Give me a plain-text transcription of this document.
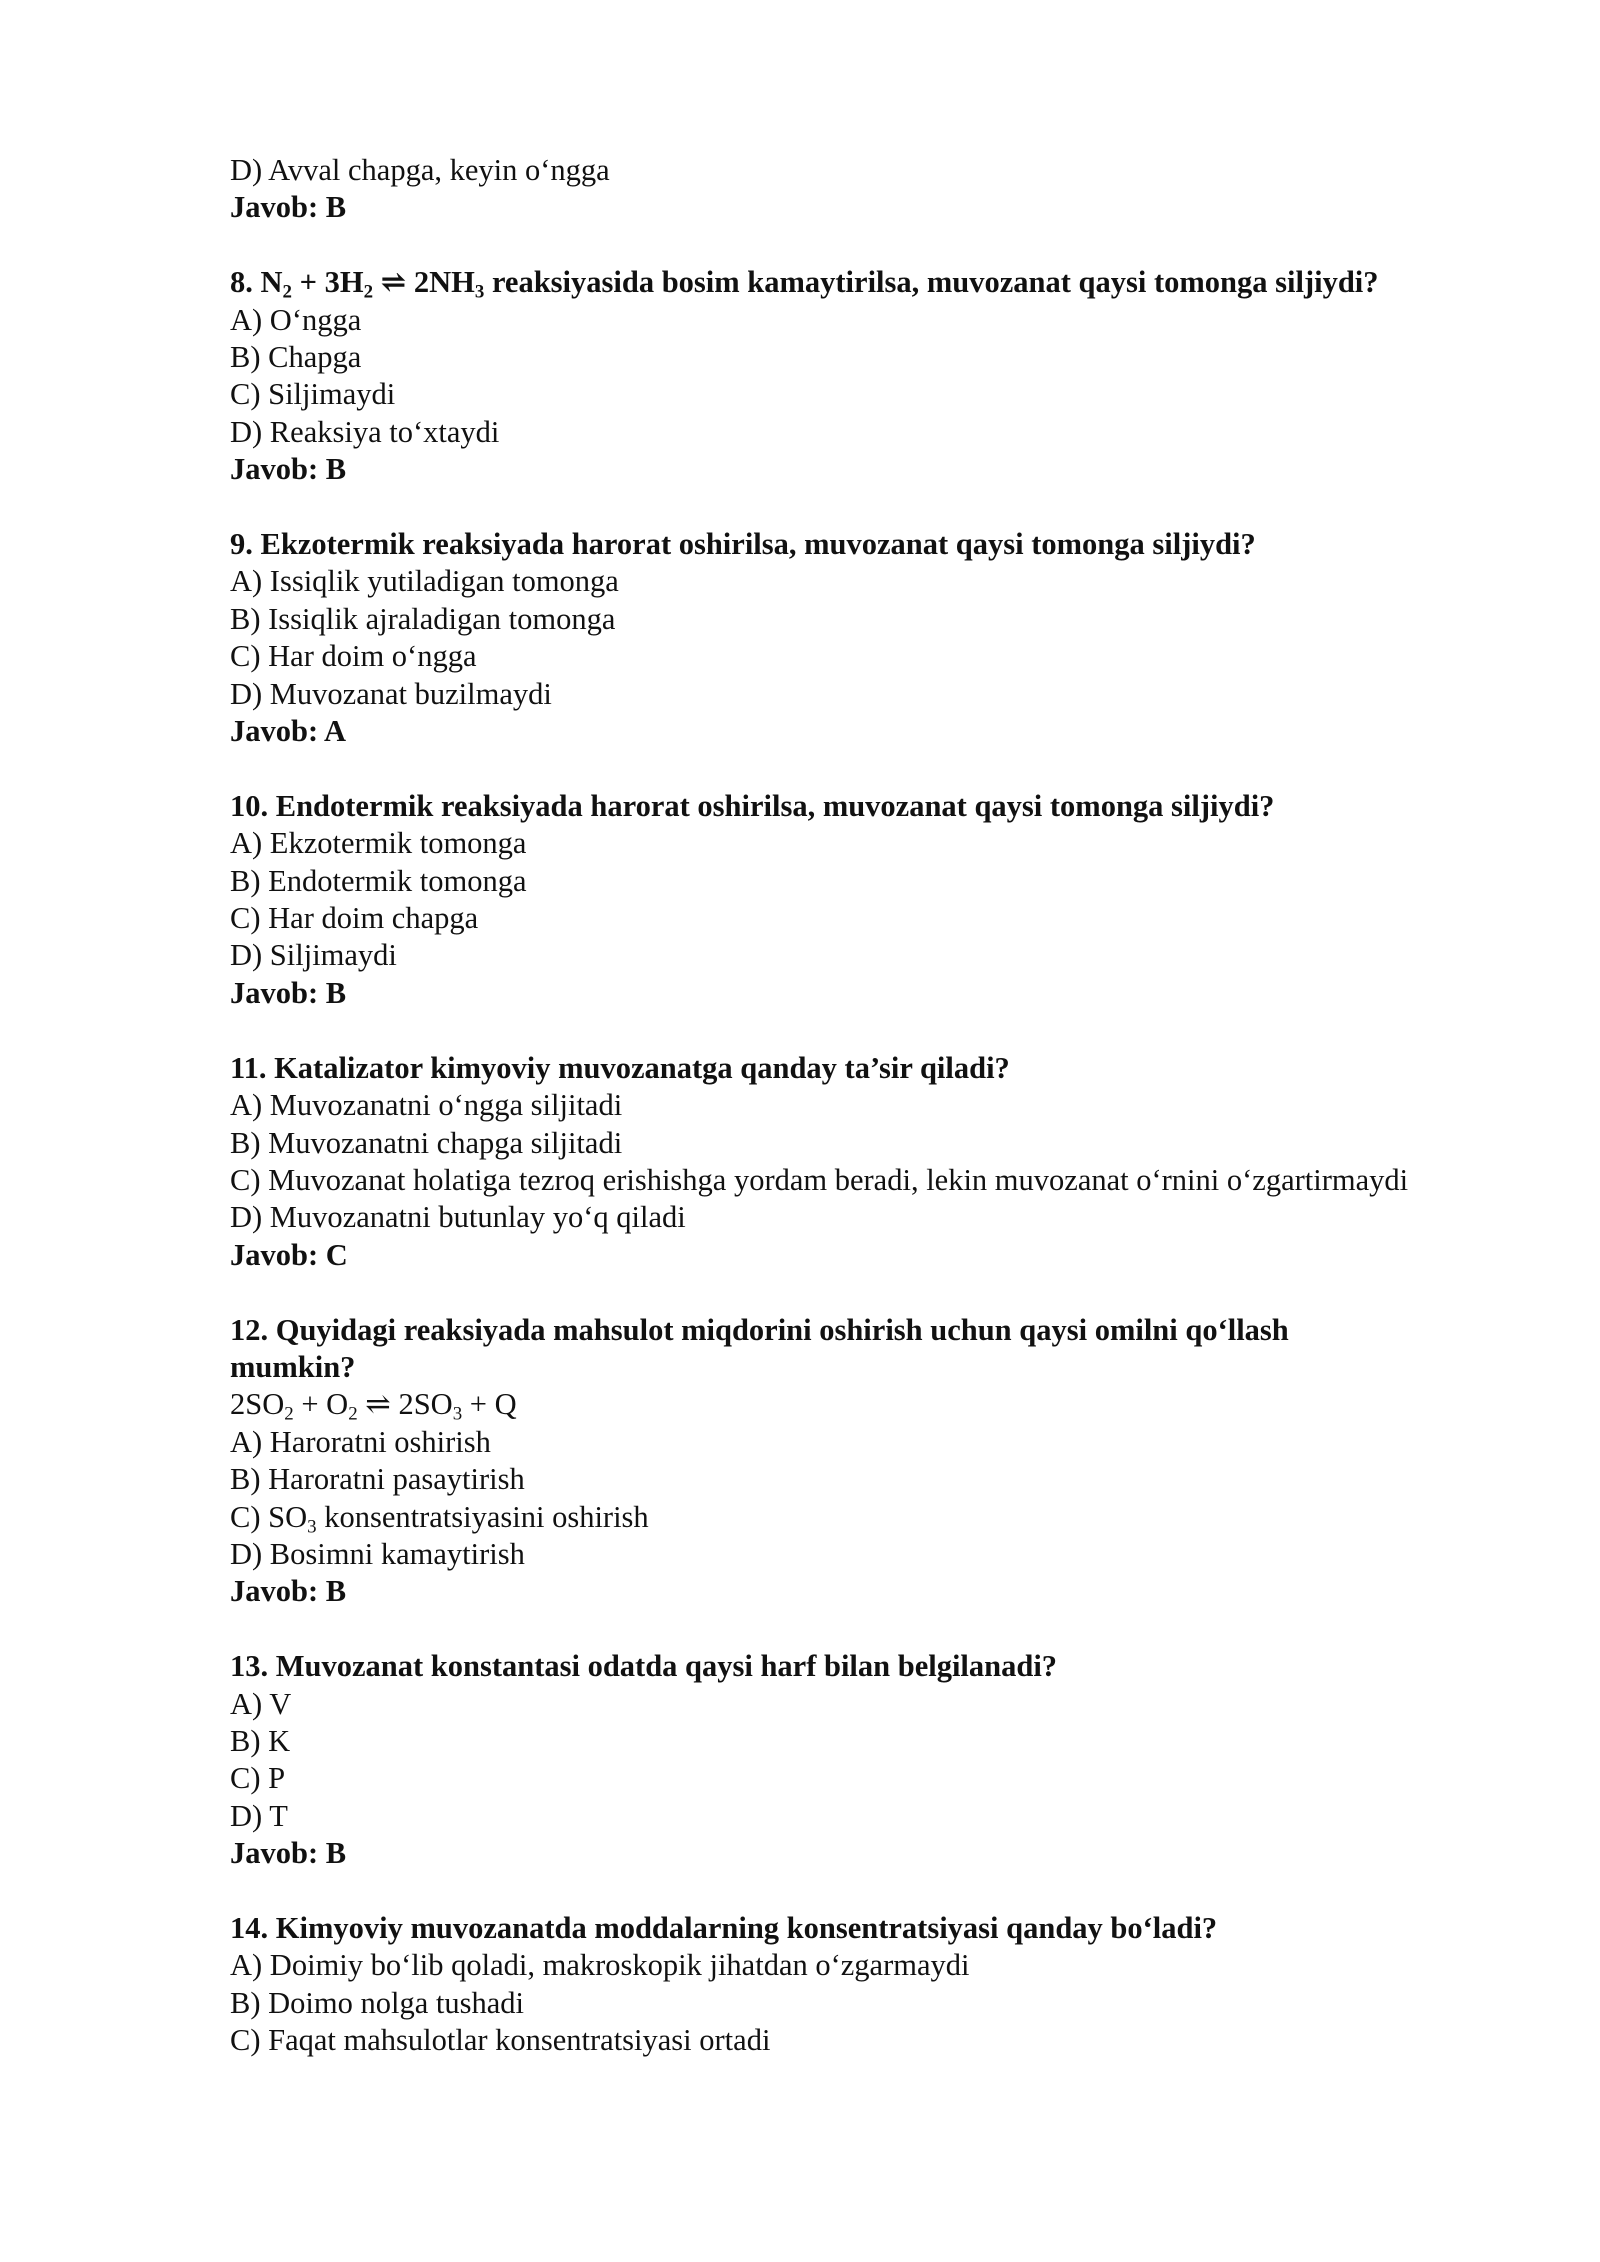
D) Avval chapga, keyin o‘ngga
Javob: B
8. $N_2 + 3H_2$ ⇌ $2NH_3$ reaksiyasida bosim kamaytirilsa, muvozanat qaysi tomonga siljiydi?
A) O‘ngga
B) Chapga
C) Siljimaydi
D) Reaksiya to‘xtaydi
Javob: B
9. Ekzotermik reaksiyada harorat oshirilsa, muvozanat qaysi tomonga siljiydi?
A) Issiqlik yutiladigan tomonga
B) Issiqlik ajraladigan tomonga
C) Har doim o‘ngga
D) Muvozanat buzilmaydi
Javob: A
10. Endotermik reaksiyada harorat oshirilsa, muvozanat qaysi tomonga siljiydi?
A) Ekzotermik tomonga
B) Endotermik tomonga
C) Har doim chapga
D) Siljimaydi
Javob: B
11. Katalizator kimyoviy muvozanatga qanday ta’sir qiladi?
A) Muvozanatni o‘ngga siljitadi
B) Muvozanatni chapga siljitadi
C) Muvozanat holatiga tezroq erishishga yordam beradi, lekin muvozanat o‘rnini o‘zgartirmaydi
D) Muvozanatni butunlay yo‘q qiladi
Javob: C
12. Quyidagi reaksiyada mahsulot miqdorini oshirish uchun qaysi omilni qo‘llash mumkin?
$2SO_2 + O_2$ ⇌ $2SO_3 + Q$
A) Haroratni oshirish
B) Haroratni pasaytirish
C) $SO_3$ konsentratsiyasini oshirish
D) Bosimni kamaytirish
Javob: B
13. Muvozanat konstantasi odatda qaysi harf bilan belgilanadi?
A) V
B) K
C) P
D) T
Javob: B
14. Kimyoviy muvozanatda moddalarning konsentratsiyasi qanday bo‘ladi?
A) Doimiy bo‘lib qoladi, makroskopik jihatdan o‘zgarmaydi
B) Doimo nolga tushadi
C) Faqat mahsulotlar konsentratsiyasi ortadi
